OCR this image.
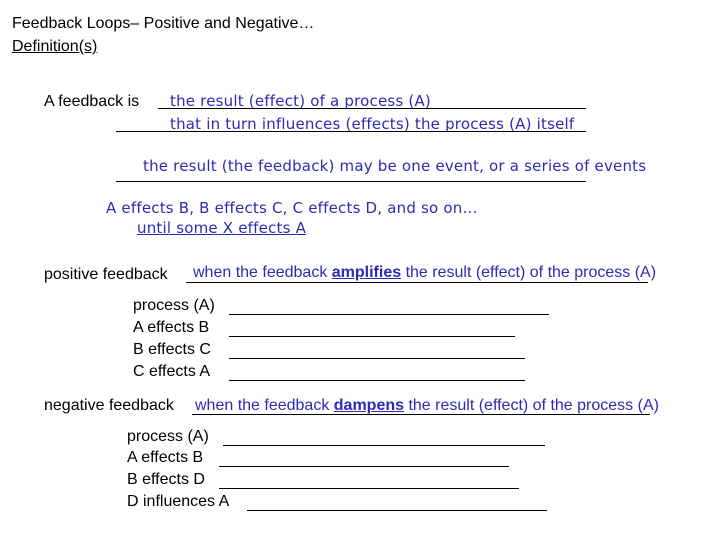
Feedback Loops– Positive and Negative…
Definition(s)
A feedback is the result (effect) of a process (A)
that in turn influences (effects) the process (A) itself
the result (the feedback) may be one event, or a series of events
A effects B, B effects C, C effects D, and so on…
until some X effects A
positive feedback when the feedback amplifies the result (effect) of the process (A)
process (A)
A effects B
B effects C
C effects A
negative feedback when the feedback dampens the result (effect) of the process (A)
process (A)
A effects B
B effects D
D influences A
